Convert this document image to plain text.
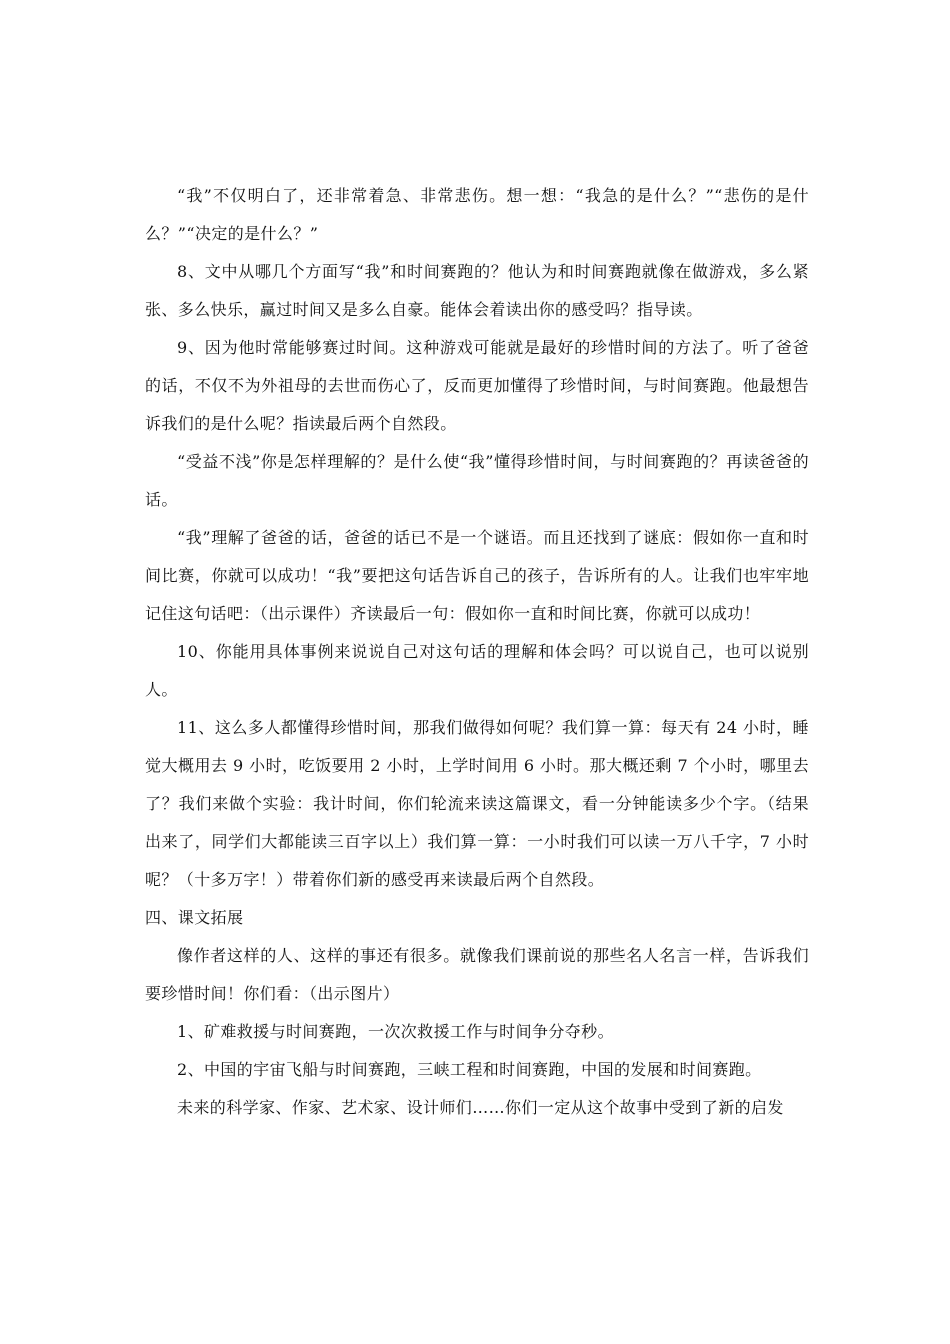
“我”不仅明白了，还非常着急、非常悲伤。想一想：“我急的是什么？”“悲伤的是什么？”“决定的是什么？”

8、文中从哪几个方面写“我”和时间赛跑的？他认为和时间赛跑就像在做游戏，多么紧张、多么快乐，赢过时间又是多么自豪。能体会着读出你的感受吗？指导读。

9、因为他时常能够赛过时间。这种游戏可能就是最好的珍惜时间的方法了。听了爸爸的话，不仅不为外祖母的去世而伤心了，反而更加懂得了珍惜时间，与时间赛跑。他最想告诉我们的是什么呢？指读最后两个自然段。

“受益不浅”你是怎样理解的？是什么使“我”懂得珍惜时间，与时间赛跑的？再读爸爸的话。

“我”理解了爸爸的话，爸爸的话已不是一个谜语。而且还找到了谜底：假如你一直和时间比赛，你就可以成功！“我”要把这句话告诉自己的孩子，告诉所有的人。让我们也牢牢地记住这句话吧：（出示课件）齐读最后一句：假如你一直和时间比赛，你就可以成功！

10、你能用具体事例来说说自己对这句话的理解和体会吗？可以说自己，也可以说别人。

11、这么多人都懂得珍惜时间，那我们做得如何呢？我们算一算：每天有 24 小时，睡觉大概用去 9 小时，吃饭要用 2 小时，上学时间用 6 小时。那大概还剩 7 个小时，哪里去了？我们来做个实验：我计时间，你们轮流来读这篇课文，看一分钟能读多少个字。（结果出来了，同学们大都能读三百字以上）我们算一算：一小时我们可以读一万八千字，7 小时呢？（十多万字！）带着你们新的感受再来读最后两个自然段。

四、课文拓展

像作者这样的人、这样的事还有很多。就像我们课前说的那些名人名言一样，告诉我们要珍惜时间！你们看：（出示图片）

1、矿难救援与时间赛跑，一次次救援工作与时间争分夺秒。

2、中国的宇宙飞船与时间赛跑，三峡工程和时间赛跑，中国的发展和时间赛跑。

未来的科学家、作家、艺术家、设计师们……你们一定从这个故事中受到了新的启发
